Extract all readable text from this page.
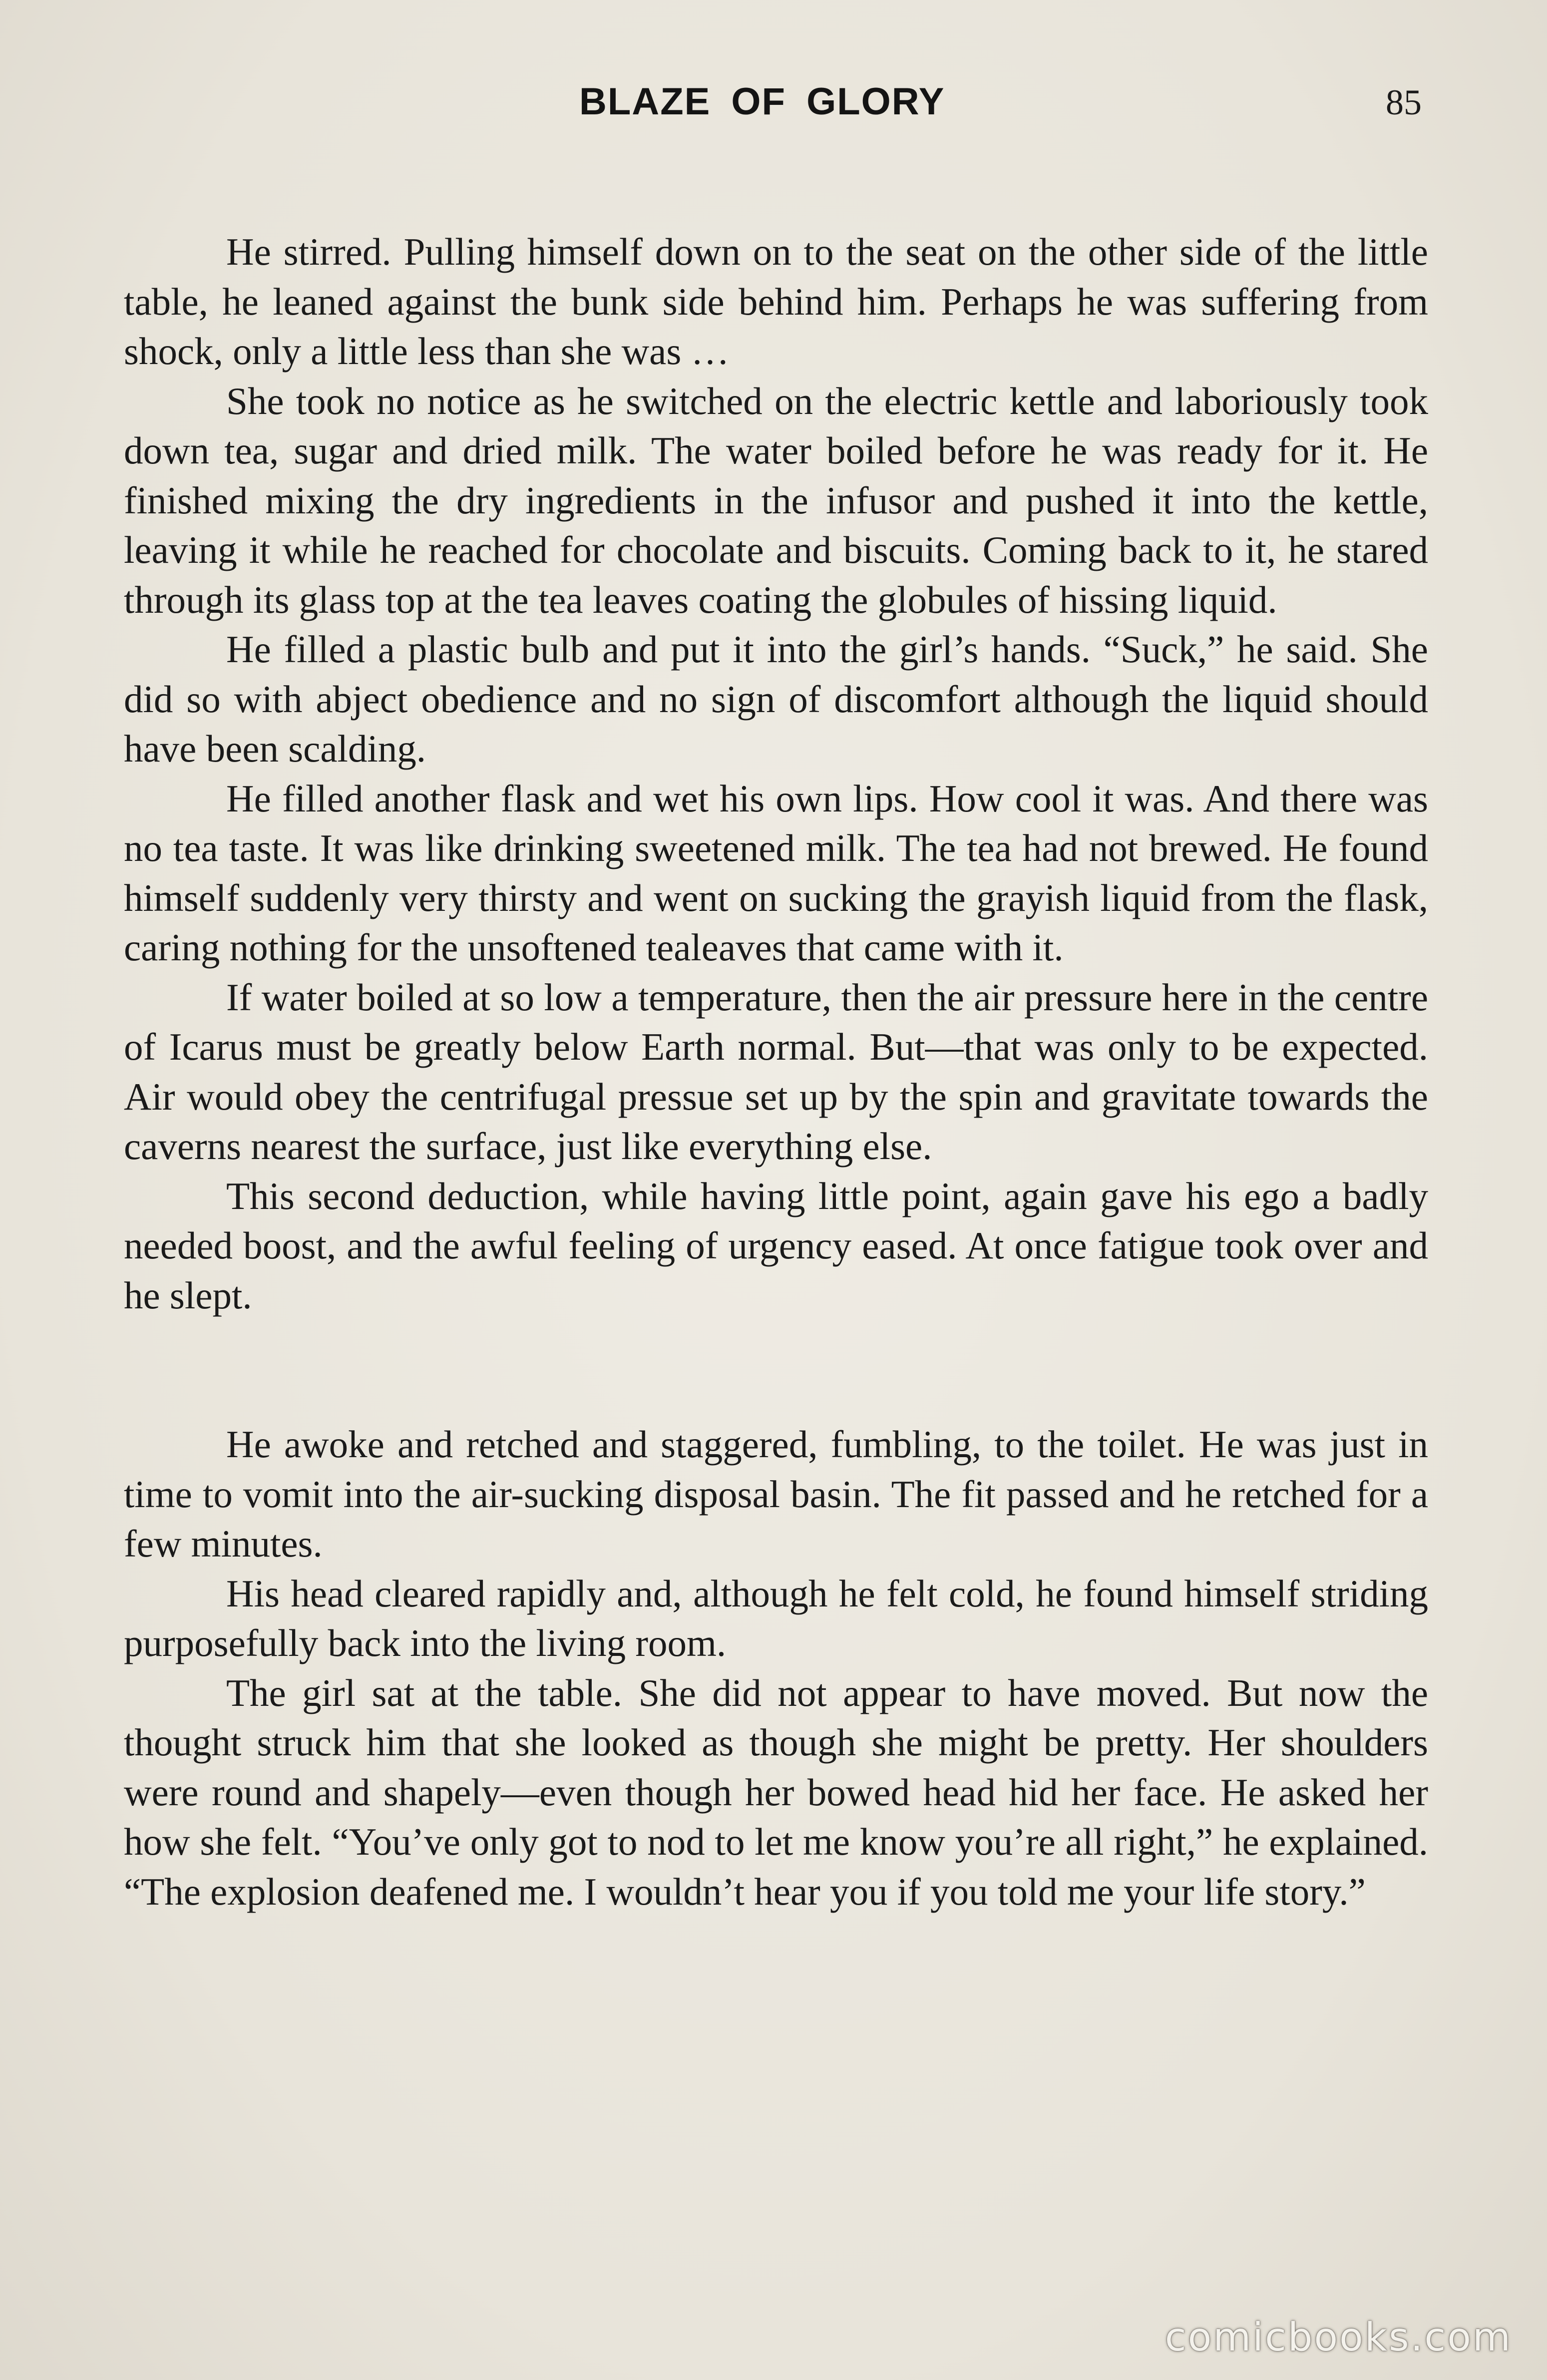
BLAZE OF GLORY	85

He stirred. Pulling himself down on to the seat on the other side of the little table, he leaned against the bunk side behind him. Perhaps he was suffering from shock, only a little less than she was …

She took no notice as he switched on the electric kettle and laboriously took down tea, sugar and dried milk. The water boiled before he was ready for it. He finished mixing the dry ingredients in the infusor and pushed it into the kettle, leaving it while he reached for chocolate and biscuits. Coming back to it, he stared through its glass top at the tea leaves coating the globules of hissing liquid.

He filled a plastic bulb and put it into the girl’s hands. “Suck,” he said. She did so with abject obedience and no sign of discomfort although the liquid should have been scalding.

He filled another flask and wet his own lips. How cool it was. And there was no tea taste. It was like drinking sweetened milk. The tea had not brewed. He found himself suddenly very thirsty and went on sucking the grayish liquid from the flask, caring nothing for the unsoftened tealeaves that came with it.

If water boiled at so low a temperature, then the air pressure here in the centre of Icarus must be greatly below Earth normal. But—that was only to be expected. Air would obey the centrifugal pressue set up by the spin and gravitate towards the caverns nearest the surface, just like everything else.

This second deduction, while having little point, again gave his ego a badly needed boost, and the awful feeling of urgency eased. At once fatigue took over and he slept.

He awoke and retched and staggered, fumbling, to the toilet. He was just in time to vomit into the air-sucking disposal basin. The fit passed and he retched for a few minutes.

His head cleared rapidly and, although he felt cold, he found himself striding purposefully back into the living room.

The girl sat at the table. She did not appear to have moved. But now the thought struck him that she looked as though she might be pretty. Her shoulders were round and shapely—even though her bowed head hid her face. He asked her how she felt. “You’ve only got to nod to let me know you’re all right,” he explained. “The explosion deafened me. I wouldn’t hear you if you told me your life story.”

comicbooks.com
